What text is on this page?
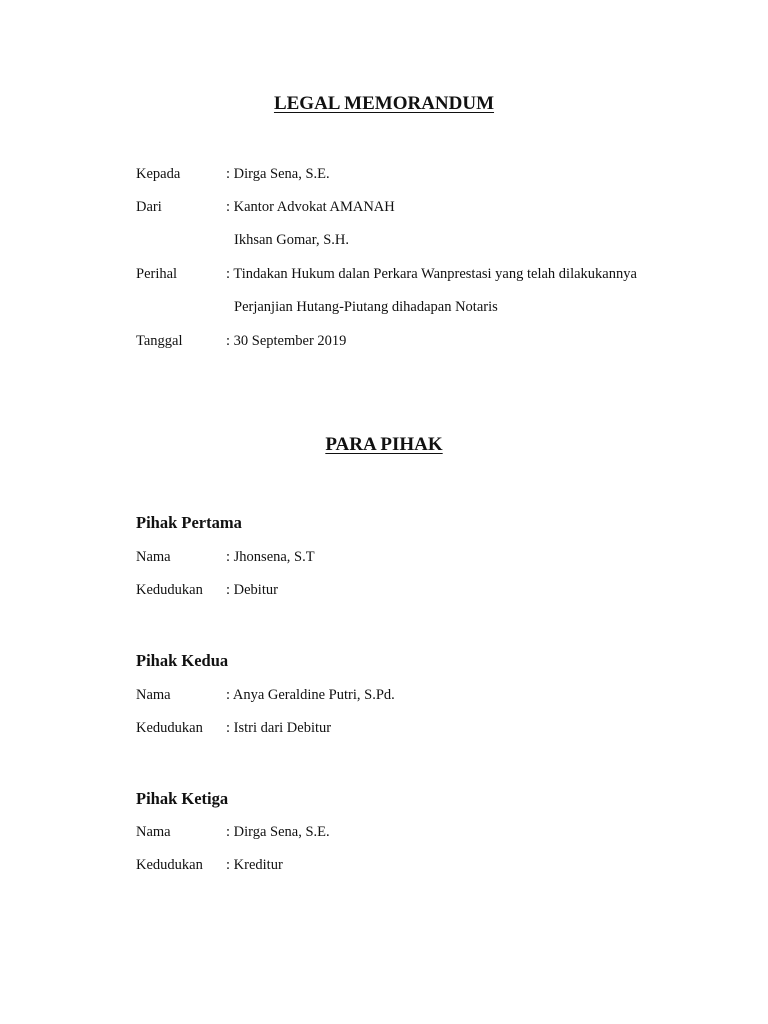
LEGAL MEMORANDUM
Kepada	: Dirga Sena, S.E.
Dari	: Kantor Advokat AMANAH
Ikhsan Gomar, S.H.
Perihal	: Tindakan Hukum dalan Perkara Wanprestasi yang telah dilakukannya
Perjanjian Hutang-Piutang dihadapan Notaris
Tanggal	: 30 September 2019
PARA PIHAK
Pihak Pertama
Nama	: Jhonsena, S.T
Kedudukan : Debitur
Pihak Kedua
Nama	: Anya Geraldine Putri, S.Pd.
Kedudukan : Istri dari Debitur
Pihak Ketiga
Nama	: Dirga Sena, S.E.
Kedudukan : Kreditur
